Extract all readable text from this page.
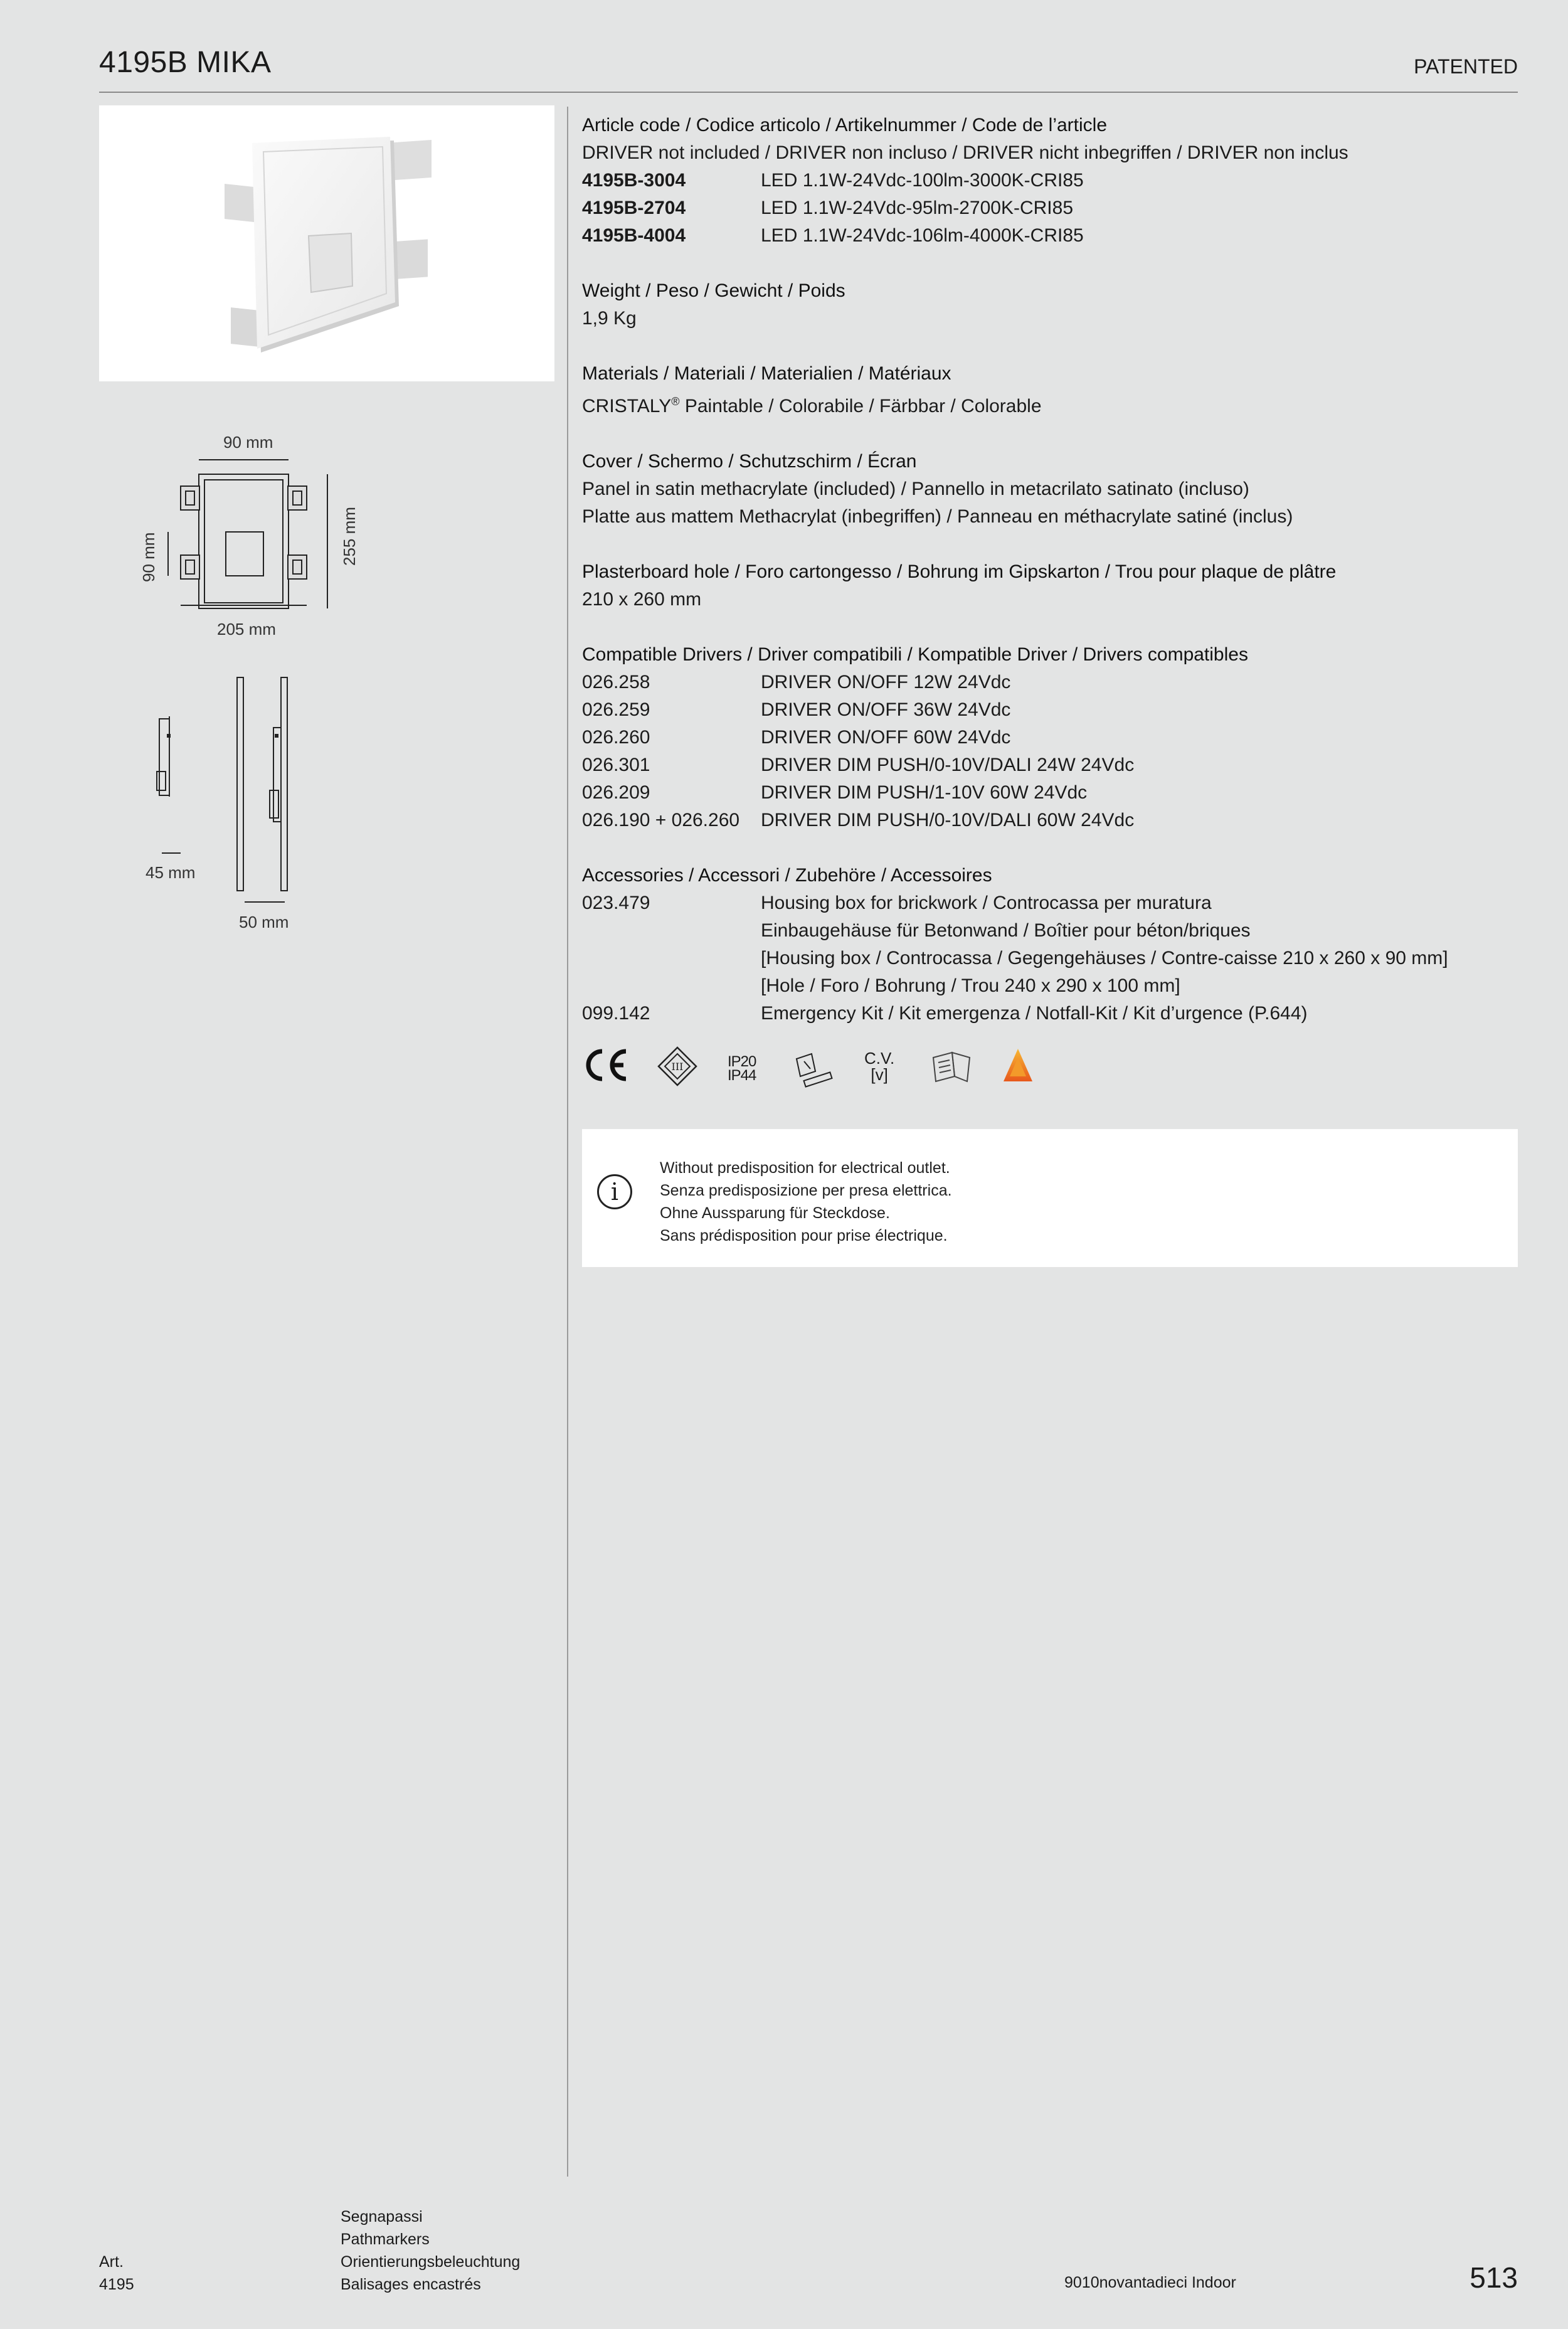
4195B MIKA	PATENTED
90 mm
90 mm	255 mm
205 mm
45 mm
50 mm
Article code / Codice articolo / Artikelnummer / Code de l’article
DRIVER not included / DRIVER non incluso / DRIVER nicht inbegriffen / DRIVER non inclus
4195B-3004	LED 1.1W-24Vdc-100lm-3000K-CRI85
4195B-2704	LED 1.1W-24Vdc-95lm-2700K-CRI85
4195B-4004	LED 1.1W-24Vdc-106lm-4000K-CRI85
Weight / Peso / Gewicht / Poids
1,9 Kg
Materials / Materiali / Materialien / Matériaux
CRISTALY® Paintable / Colorabile / Färbbar / Colorable
Cover / Schermo / Schutzschirm / Écran
Panel in satin methacrylate (included) / Pannello in metacrilato satinato (incluso)
Platte aus mattem Methacrylat (inbegriffen) / Panneau en méthacrylate satiné (inclus)
Plasterboard hole / Foro cartongesso / Bohrung im Gipskarton / Trou pour plaque de plâtre
210 x 260 mm
Compatible Drivers / Driver compatibili / Kompatible Driver / Drivers compatibles
026.258	DRIVER ON/OFF 12W 24Vdc
026.259	DRIVER ON/OFF 36W 24Vdc
026.260	DRIVER ON/OFF 60W 24Vdc
026.301	DRIVER DIM PUSH/0-10V/DALI 24W 24Vdc
026.209	DRIVER DIM PUSH/1-10V 60W 24Vdc
026.190 + 026.260	DRIVER DIM PUSH/0-10V/DALI 60W 24Vdc
Accessories / Accessori / Zubehöre / Accessoires
023.479	Housing box for brickwork / Controcassa per muratura
Einbaugehäuse für Betonwand / Boîtier pour béton/briques
[Housing box / Controcassa / Gegengehäuses / Contre-caisse 210 x 260 x 90 mm]
[Hole / Foro / Bohrung / Trou 240 x 290 x 100 mm]
099.142	Emergency Kit / Kit emergenza / Notfall-Kit / Kit d’urgence (P.644)
III	IP20
IP44
C.V.
[v]
i
Without predisposition for electrical outlet.
Senza predisposizione per presa elettrica.
Ohne Aussparung für Steckdose.
Sans prédisposition pour prise électrique.
Art.
4195
Segnapassi
Pathmarkers
Orientierungsbeleuchtung
Balisages encastrés	9010novantadieci Indoor	513
